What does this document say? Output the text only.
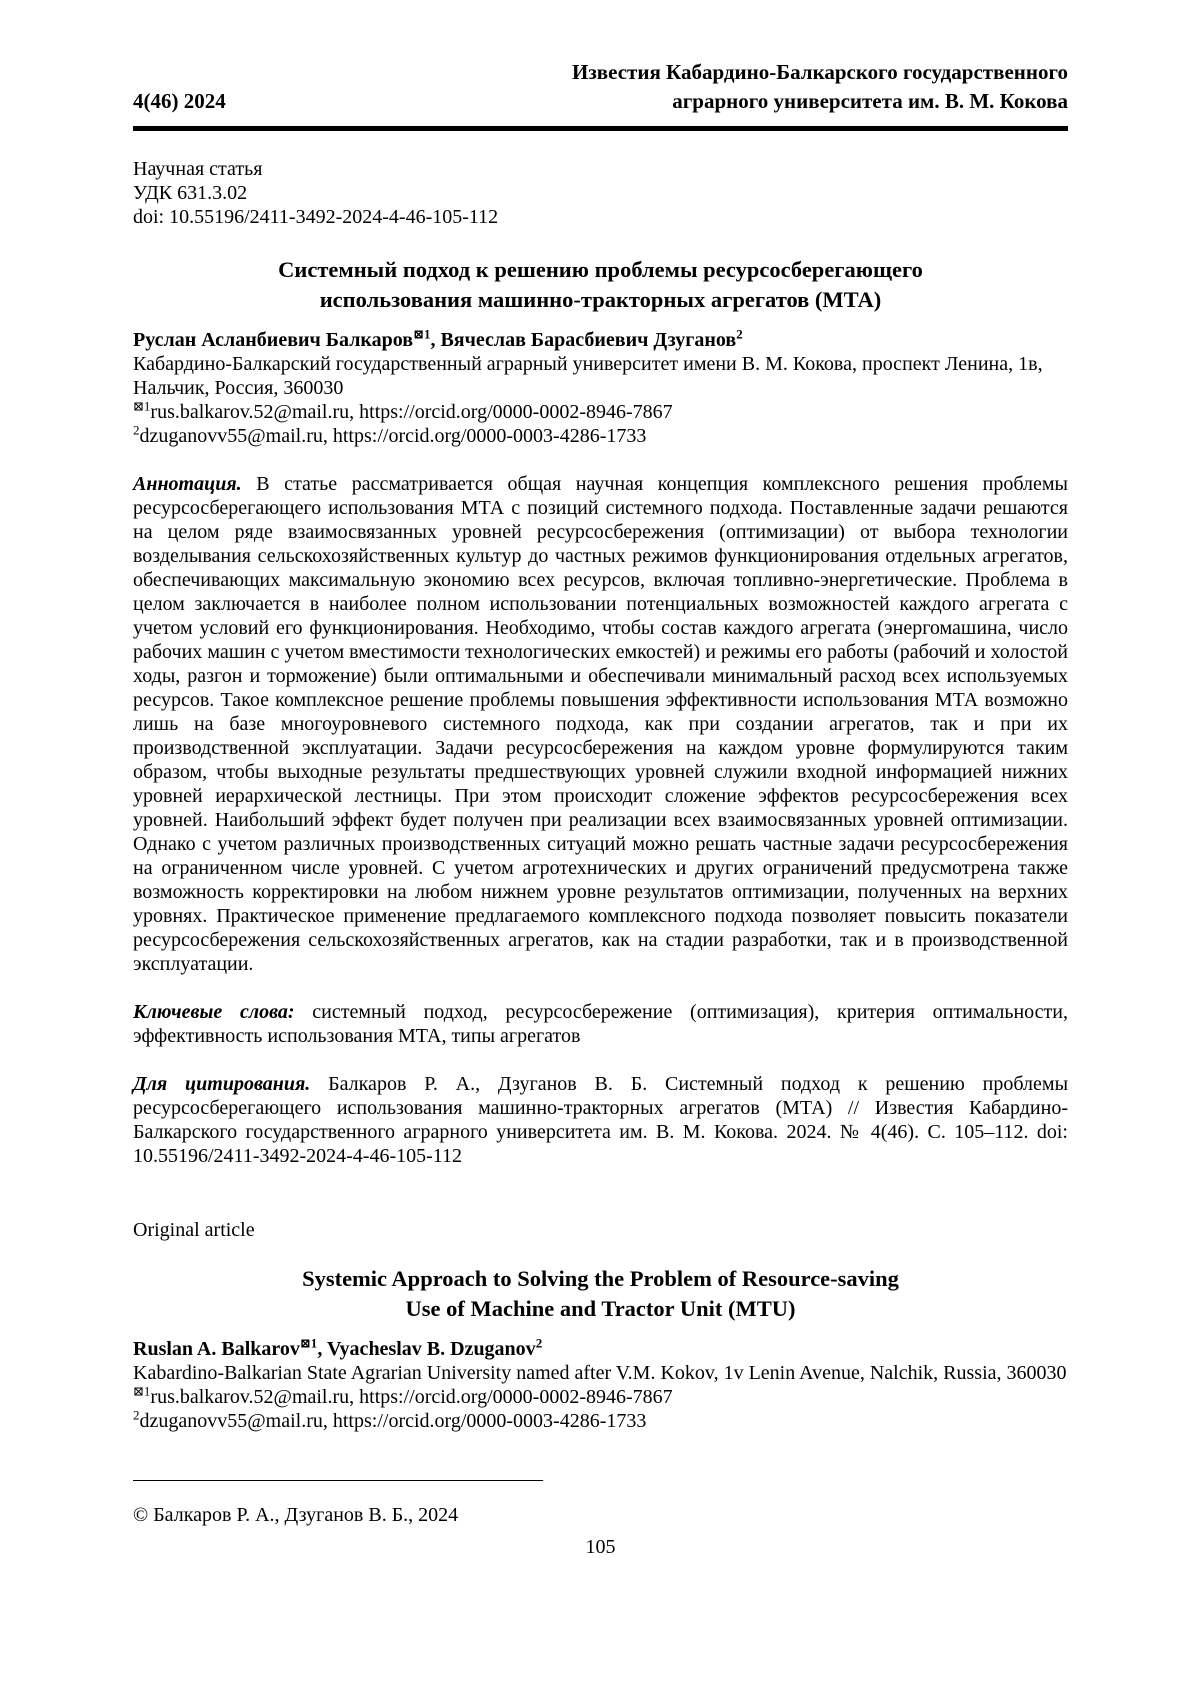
4(46) 2024
Известия Кабардино-Балкарского государственного
аграрного университета им. В. М. Кокова
Научная статья
УДК 631.3.02
doi: 10.55196/2411-3492-2024-4-46-105-112
Системный подход к решению проблемы ресурсосберегающего
использования машинно-тракторных агрегатов (МТА)
Руслан Асланбиевич Балкаров$^{⊠1}$, Вячеслав Барасбиевич Дзуганов$^2$
Кабардино-Балкарский государственный аграрный университет имени В. М. Кокова, проспект Ленина, 1в, Нальчик, Россия, 360030
$^{⊠1}$rus.balkarov.52@mail.ru, https://orcid.org/0000-0002-8946-7867
$^2$dzuganovv55@mail.ru, https://orcid.org/0000-0003-4286-1733

Аннотация. В статье рассматривается общая научная концепция комплексного решения проблемы ресурсосберегающего использования МТА с позиций системного подхода. Поставленные задачи решаются на целом ряде взаимосвязанных уровней ресурсосбережения (оптимизации) от выбора технологии возделывания сельскохозяйственных культур до частных режимов функционирования отдельных агрегатов, обеспечивающих максимальную экономию всех ресурсов, включая топливно-энергетические. Проблема в целом заключается в наиболее полном использовании потенциальных возможностей каждого агрегата с учетом условий его функционирования. Необходимо, чтобы состав каждого агрегата (энергомашина, число рабочих машин с учетом вместимости технологических емкостей) и режимы его работы (рабочий и холостой ходы, разгон и торможение) были оптимальными и обеспечивали минимальный расход всех используемых ресурсов. Такое комплексное решение проблемы повышения эффективности использования МТА возможно лишь на базе многоуровневого системного подхода, как при создании агрегатов, так и при их производственной эксплуатации. Задачи ресурсосбережения на каждом уровне формулируются таким образом, чтобы выходные результаты предшествующих уровней служили входной информацией нижних уровней иерархической лестницы. При этом происходит сложение эффектов ресурсосбережения всех уровней. Наибольший эффект будет получен при реализации всех взаимосвязанных уровней оптимизации. Однако с учетом различных производственных ситуаций можно решать частные задачи ресурсосбережения на ограниченном числе уровней. С учетом агротехнических и других ограничений предусмотрена также возможность корректировки на любом нижнем уровне результатов оптимизации, полученных на верхних уровнях. Практическое применение предлагаемого комплексного подхода позволяет повысить показатели ресурсосбережения сельскохозяйственных агрегатов, как на стадии разработки, так и в производственной эксплуатации.

Ключевые слова: системный подход, ресурсосбережение (оптимизация), критерия оптимальности, эффективность использования МТА, типы агрегатов

Для цитирования. Балкаров Р. А., Дзуганов В. Б. Системный подход к решению проблемы ресурсосберегающего использования машинно-тракторных агрегатов (МТА) // Известия Кабардино-Балкарского государственного аграрного университета им. В. М. Кокова. 2024. № 4(46). С. 105–112. doi: 10.55196/2411-3492-2024-4-46-105-112

Original article
Systemic Approach to Solving the Problem of Resource-saving
Use of Machine and Tractor Unit (MTU)
Ruslan A. Balkarov$^{⊠1}$, Vyacheslav B. Dzuganov$^2$
Kabardino-Balkarian State Agrarian University named after V.M. Kokov, 1v Lenin Avenue, Nalchik, Russia, 360030
$^{⊠1}$rus.balkarov.52@mail.ru, https://orcid.org/0000-0002-8946-7867
$^2$dzuganovv55@mail.ru, https://orcid.org/0000-0003-4286-1733
—————————————————————
© Балкаров Р. А., Дзуганов В. Б., 2024
105
